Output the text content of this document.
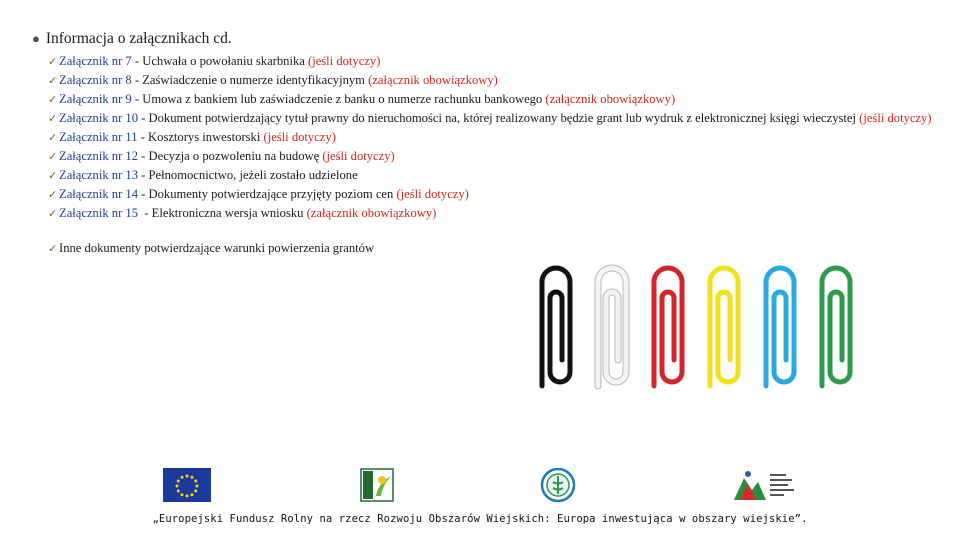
● Informacja o załącznikach cd.
✓ Załącznik nr 7 - Uchwała o powołaniu skarbnika (jeśli dotyczy)
✓ Załącznik nr 8 - Zaświadczenie o numerze identyfikacyjnym (załącznik obowiązkowy)
✓ Załącznik nr 9 - Umowa z bankiem lub zaświadczenie z banku o numerze rachunku bankowego (załącznik obowiązkowy)
✓ Załącznik nr 10 - Dokument potwierdzający tytuł prawny do nieruchomości na, której realizowany będzie grant lub wydruk z elektronicznej księgi wieczystej (jeśli dotyczy)
✓ Załącznik nr 11 - Kosztorys inwestorski (jeśli dotyczy)
✓ Załącznik nr 12 - Decyzja o pozwoleniu na budowę (jeśli dotyczy)
✓ Załącznik nr 13 - Pełnomocnictwo, jeżeli zostało udzielone
✓ Załącznik nr 14 - Dokumenty potwierdzające przyjęty poziom cen (jeśli dotyczy)
✓ Załącznik nr 15 - Elektroniczna wersja wniosku (załącznik obowiązkowy)
✓ Inne dokumenty potwierdzające warunki powierzenia grantów
„Europejski Fundusz Rolny na rzecz Rozwoju Obszarów Wiejskich: Europa inwestująca w obszary wiejskie”.
